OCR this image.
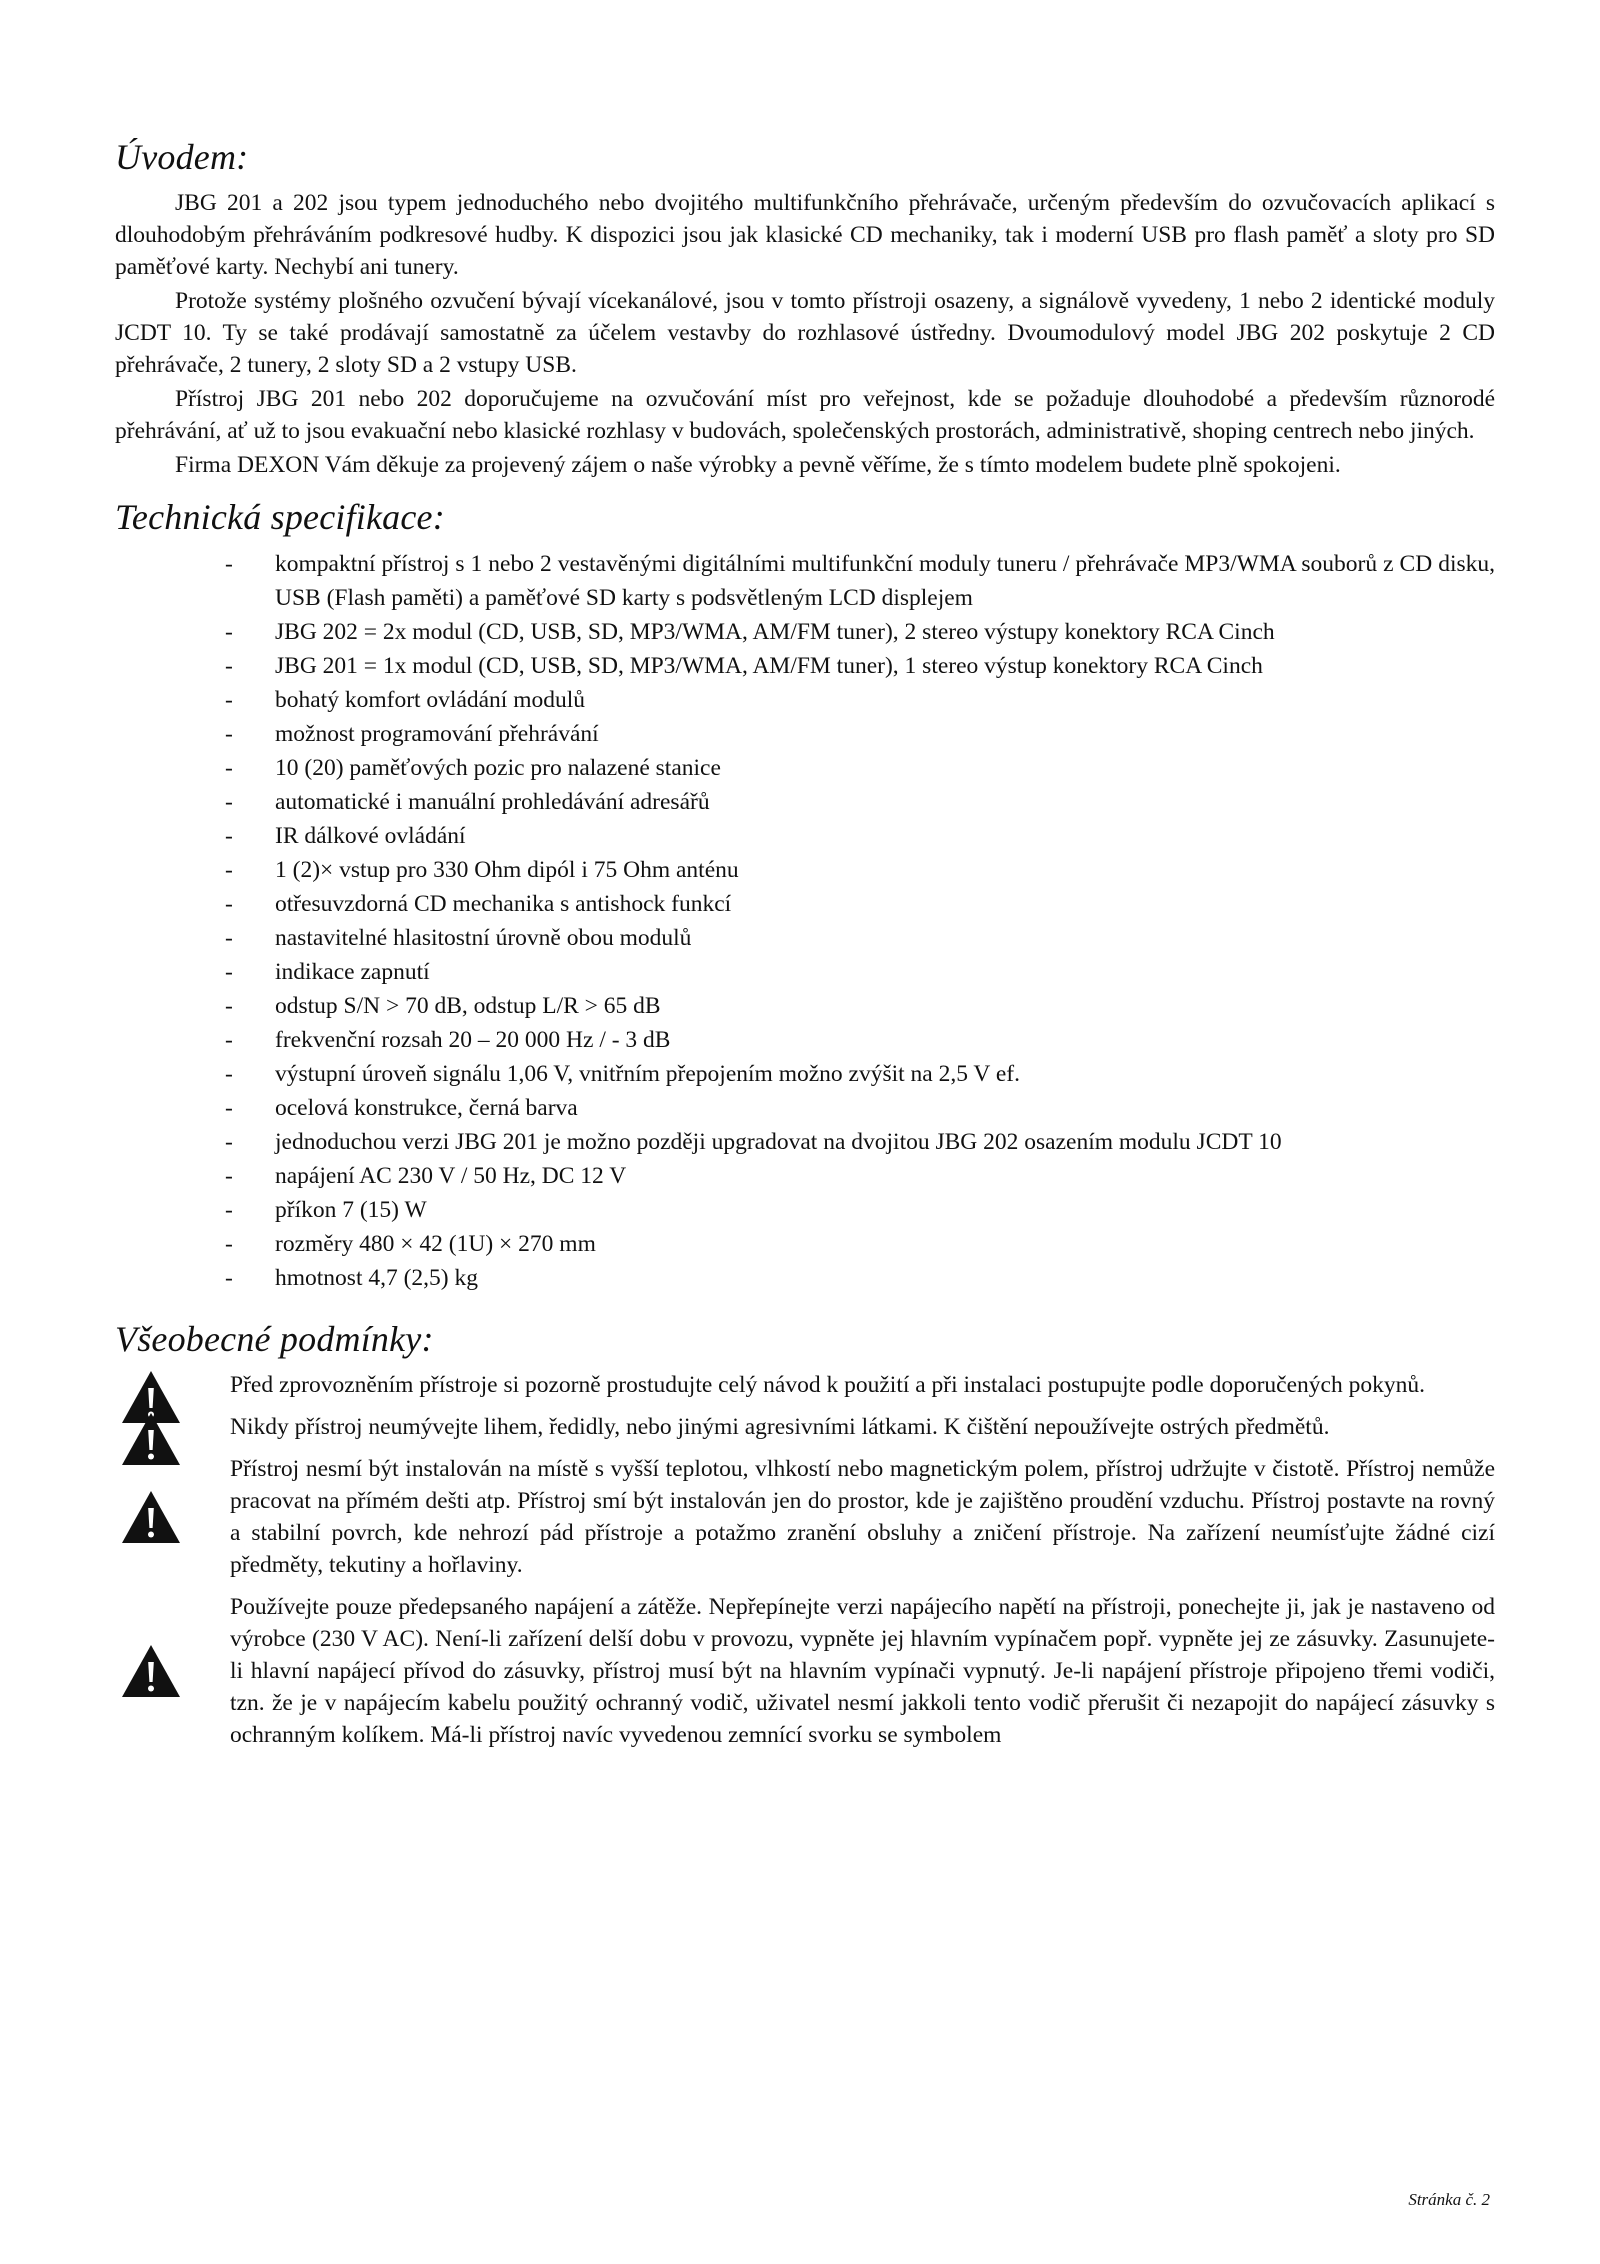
Úvodem:

JBG 201 a 202 jsou typem jednoduchého nebo dvojitého multifunkčního přehrávače, určeným především do ozvučovacích aplikací s dlouhodobým přehráváním podkresové hudby. K dispozici jsou jak klasické CD mechaniky, tak i moderní USB pro flash paměť a sloty pro SD paměťové karty. Nechybí ani tunery.

Protože systémy plošného ozvučení bývají vícekanálové, jsou v tomto přístroji osazeny, a signálově vyvedeny, 1 nebo 2 identické moduly JCDT 10. Ty se také prodávají samostatně za účelem vestavby do rozhlasové ústředny. Dvoumodulový model JBG 202 poskytuje 2 CD přehrávače, 2 tunery, 2 sloty SD a 2 vstupy USB.

Přístroj JBG 201 nebo 202 doporučujeme na ozvučování míst pro veřejnost, kde se požaduje dlouhodobé a především různorodé přehrávání, ať už to jsou evakuační nebo klasické rozhlasy v budovách, společenských prostorách, administrativě, shoping centrech nebo jiných.

Firma DEXON Vám děkuje za projevený zájem o naše výrobky a pevně věříme, že s tímto modelem budete plně spokojeni.

Technická specifikace:
- kompaktní přístroj s 1 nebo 2 vestavěnými digitálními multifunkční moduly tuneru / přehrávače MP3/WMA souborů z CD disku, USB (Flash paměti) a paměťové SD karty s podsvětleným LCD displejem
- JBG 202 = 2x modul (CD, USB, SD, MP3/WMA, AM/FM tuner), 2 stereo výstupy konektory RCA Cinch
- JBG 201 = 1x modul (CD, USB, SD, MP3/WMA, AM/FM tuner), 1 stereo výstup konektory RCA Cinch
- bohatý komfort ovládání modulů
- možnost programování přehrávání
- 10 (20) paměťových pozic pro nalazené stanice
- automatické i manuální prohledávání adresářů
- IR dálkové ovládání
- 1 (2)× vstup pro 330 Ohm dipól i 75 Ohm anténu
- otřesuvzdorná CD mechanika s antishock funkcí
- nastavitelné hlasitostní úrovně obou modulů
- indikace zapnutí
- odstup S/N > 70 dB, odstup L/R > 65 dB
- frekvenční rozsah 20 – 20 000 Hz / - 3 dB
- výstupní úroveň signálu 1,06 V, vnitřním přepojením možno zvýšit na 2,5 V ef.
- ocelová konstrukce, černá barva
- jednoduchou verzi JBG 201 je možno později upgradovat na dvojitou JBG 202 osazením modulu JCDT 10
- napájení AC 230 V / 50 Hz, DC 12 V
- příkon 7 (15) W
- rozměry 480 × 42 (1U) × 270 mm
- hmotnost 4,7 (2,5) kg
Všeobecné podmínky:

Před zprovozněním přístroje si pozorně prostudujte celý návod k použití a při instalaci postupujte podle doporučených pokynů.

Nikdy přístroj neumývejte lihem, ředidly, nebo jinými agresivními látkami. K čištění nepoužívejte ostrých předmětů.

Přístroj nesmí být instalován na místě s vyšší teplotou, vlhkostí nebo magnetickým polem, přístroj udržujte v čistotě. Přístroj nemůže pracovat na přímém dešti atp. Přístroj smí být instalován jen do prostor, kde je zajištěno proudění vzduchu. Přístroj postavte na rovný a stabilní povrch, kde nehrozí pád přístroje a potažmo zranění obsluhy a zničení přístroje. Na zařízení neumísťujte žádné cizí předměty, tekutiny a hořlaviny.

Používejte pouze předepsaného napájení a zátěže. Nepřepínejte verzi napájecího napětí na přístroji, ponechejte ji, jak je nastaveno od výrobce (230 V AC). Není-li zařízení delší dobu v provozu, vypněte jej hlavním vypínačem popř. vypněte jej ze zásuvky. Zasunujete-li hlavní napájecí přívod do zásuvky, přístroj musí být na hlavním vypínači vypnutý. Je-li napájení přístroje připojeno třemi vodiči, tzn. že je v napájecím kabelu použitý ochranný vodič, uživatel nesmí jakkoli tento vodič přerušit či nezapojit do napájecí zásuvky s ochranným kolíkem. Má-li přístroj navíc vyvedenou zemnící svorku se symbolem

Stránka č. 2
